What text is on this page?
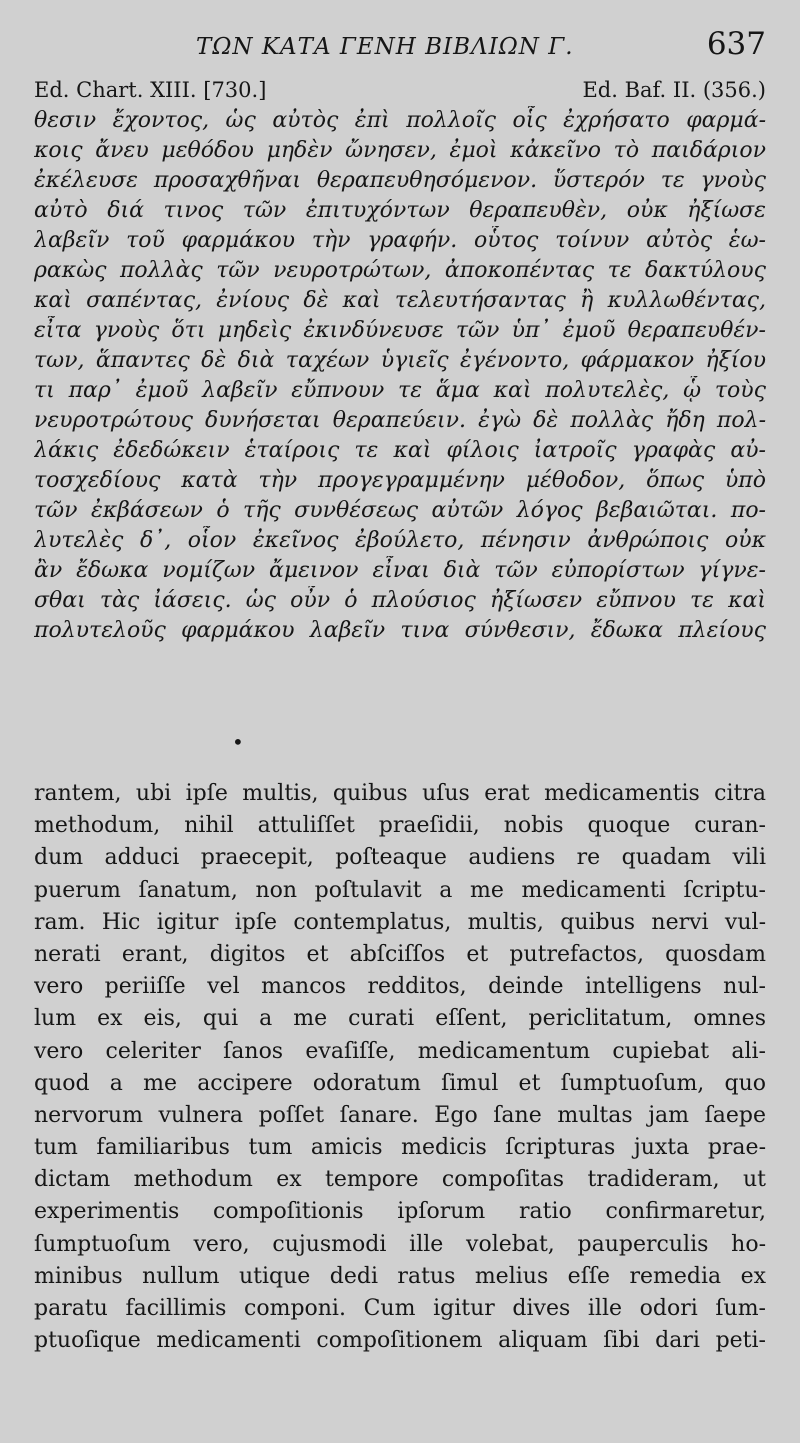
ΤΩΝ ΚΑΤΑ ΓΕΝΗ ΒΙΒΛΙΩΝ Γ.	637
Ed. Chart. XIII. [730.]	Ed. Baf. II. (356.)
θεσιν ἔχοντος, ὡς αὐτὸς ἐπὶ πολλοῖς οἷς ἐχρήσατο φαρμά-
κοις ἄνευ μεθόδου μηδὲν ὤνησεν, ἐμοὶ κἀκεῖνο τὸ παιδάριον
ἐκέλευσε προσαχθῆναι θεραπευθησόμενον. ὕστερόν τε γνοὺς
αὐτὸ διά τινος τῶν ἐπιτυχόντων θεραπευθὲν, οὐκ ἠξίωσε
λαβεῖν τοῦ φαρμάκου τὴν γραφήν. οὗτος τοίνυν αὐτὸς ἑω-
ρακὼς πολλὰς τῶν νευροτρώτων, ἀποκοπέντας τε δακτύλους
καὶ σαπέντας, ἐνίους δὲ καὶ τελευτήσαντας ἢ κυλλωθέντας,
εἶτα γνοὺς ὅτι μηδεὶς ἐκινδύνευσε τῶν ὑπ᾿ ἐμοῦ θεραπευθέν-
των, ἅπαντες δὲ διὰ ταχέων ὑγιεῖς ἐγένοντο, φάρμακον ἠξίου
τι παρ᾿ ἐμοῦ λαβεῖν εὔπνουν τε ἅμα καὶ πολυτελὲς, ᾧ τοὺς
νευροτρώτους δυνήσεται θεραπεύειν. ἐγὼ δὲ πολλὰς ἤδη πολ-
λάκις ἐδεδώκειν ἑταίροις τε καὶ φίλοις ἰατροῖς γραφὰς αὐ-
τοσχεδίους κατὰ τὴν προγεγραμμένην μέθοδον, ὅπως ὑπὸ
τῶν ἐκβάσεων ὁ τῆς συνθέσεως αὐτῶν λόγος βεβαιῶται. πο-
λυτελὲς δ᾿, οἷον ἐκεῖνος ἐβούλετο, πένησιν ἀνθρώποις οὐκ
ἂν ἔδωκα νομίζων ἄμεινον εἶναι διὰ τῶν εὐπορίστων γίγνε-
σθαι τὰς ἰάσεις. ὡς οὖν ὁ πλούσιος ἠξίωσεν εὔπνου τε καὶ
πολυτελοῦς φαρμάκου λαβεῖν τινα σύνθεσιν, ἔδωκα πλείους
•
rantem, ubi ipſe multis, quibus uſus erat medicamentis citra
methodum, nihil attuliſſet praeſidii, nobis quoque curan-
dum adduci praecepit, poſteaque audiens re quadam vili
puerum ſanatum, non poſtulavit a me medicamenti ſcriptu-
ram. Hic igitur ipſe contemplatus, multis, quibus nervi vul-
nerati erant, digitos et abſciſſos et putrefactos, quosdam
vero periiſſe vel mancos redditos, deinde intelligens nul-
lum ex eis, qui a me curati eſſent, periclitatum, omnes
vero celeriter ſanos evaſiſſe, medicamentum cupiebat ali-
quod a me accipere odoratum ſimul et ſumptuoſum, quo
nervorum vulnera poſſet ſanare. Ego ſane multas jam ſaepe
tum familiaribus tum amicis medicis ſcripturas juxta prae-
dictam methodum ex tempore compoſitas tradideram, ut
experimentis compoſitionis ipſorum ratio confirmaretur,
ſumptuoſum vero, cujusmodi ille volebat, pauperculis ho-
minibus nullum utique dedi ratus melius eſſe remedia ex
paratu facillimis componi. Cum igitur dives ille odori ſum-
ptuoſique medicamenti compoſitionem aliquam ſibi dari peti-
